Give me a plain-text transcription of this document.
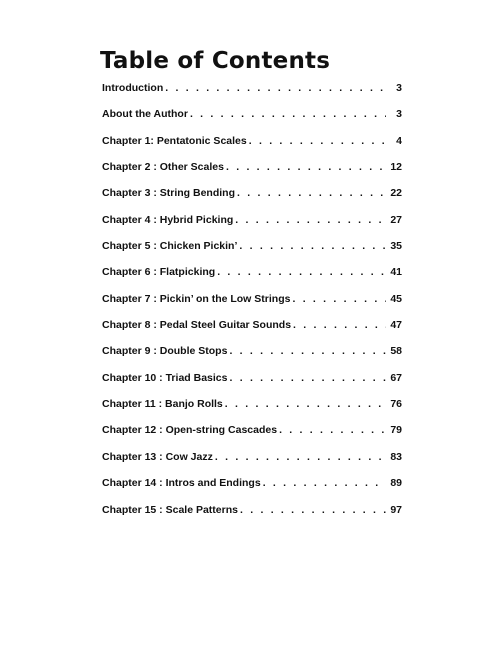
Table of Contents
Introduction . . .	3
About the Author . . .	3
Chapter 1: Pentatonic Scales . . .	4
Chapter 2 : Other Scales . . .	12
Chapter 3 : String Bending . . .	22
Chapter 4 : Hybrid Picking . . .	27
Chapter 5 : Chicken Pickin’ . . .	35
Chapter 6 : Flatpicking . . .	41
Chapter 7 : Pickin’ on the Low Strings . . .	45
Chapter 8 : Pedal Steel Guitar Sounds . . .	47
Chapter 9 : Double Stops . . .	58
Chapter 10 : Triad Basics . . .	67
Chapter 11 : Banjo Rolls . . .	76
Chapter 12 : Open-string Cascades . . .	79
Chapter 13 : Cow Jazz . . .	83
Chapter 14 : Intros and Endings . . .	89
Chapter 15 : Scale Patterns . . .	97
